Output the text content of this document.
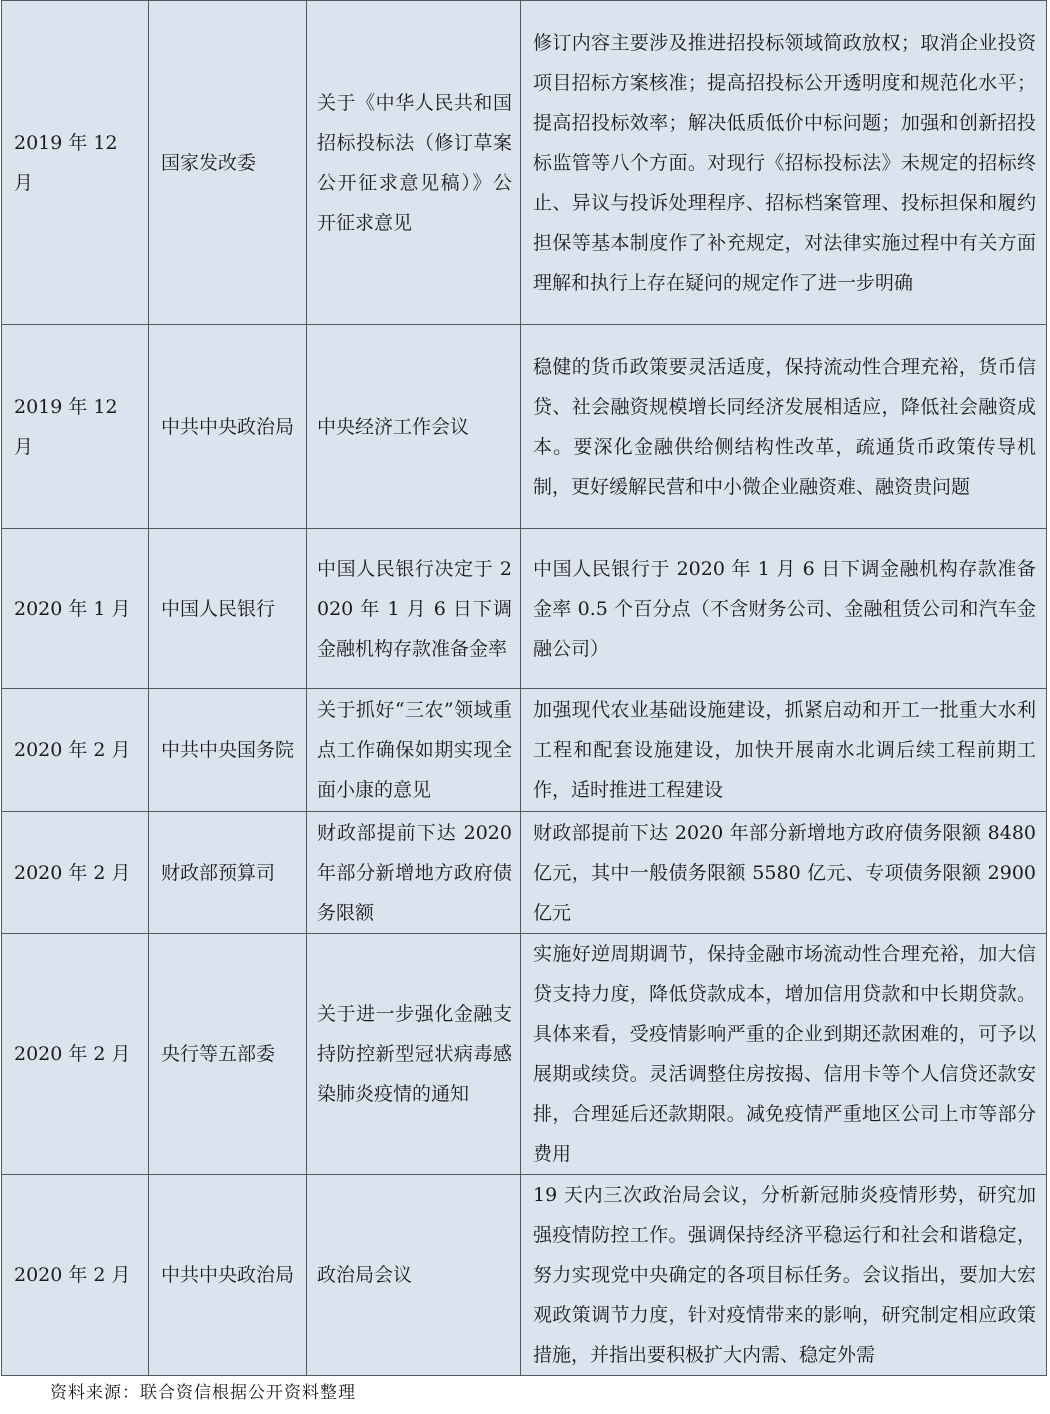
2019 年 12 月	国家发改委	关于《中华人民共和国招标投标法（修订草案公开征求意见稿）》公开征求意见	修订内容主要涉及推进招投标领域简政放权；取消企业投资项目招标方案核准；提高招投标公开透明度和规范化水平；提高招投标效率；解决低质低价中标问题；加强和创新招投标监管等八个方面。对现行《招标投标法》未规定的招标终止、异议与投诉处理程序、招标档案管理、投标担保和履约担保等基本制度作了补充规定，对法律实施过程中有关方面理解和执行上存在疑问的规定作了进一步明确
2019 年 12 月	中共中央政治局	中央经济工作会议	稳健的货币政策要灵活适度，保持流动性合理充裕，货币信贷、社会融资规模增长同经济发展相适应，降低社会融资成本。要深化金融供给侧结构性改革，疏通货币政策传导机制，更好缓解民营和中小微企业融资难、融资贵问题
2020 年 1 月	中国人民银行	中国人民银行决定于 2020 年 1 月 6 日下调金融机构存款准备金率	中国人民银行于 2020 年 1 月 6 日下调金融机构存款准备金率 0.5 个百分点（不含财务公司、金融租赁公司和汽车金融公司）
2020 年 2 月	中共中央国务院	关于抓好“三农”领域重点工作确保如期实现全面小康的意见	加强现代农业基础设施建设，抓紧启动和开工一批重大水利工程和配套设施建设，加快开展南水北调后续工程前期工作，适时推进工程建设
2020 年 2 月	财政部预算司	财政部提前下达 2020 年部分新增地方政府债务限额	财政部提前下达 2020 年部分新增地方政府债务限额 8480 亿元，其中一般债务限额 5580 亿元、专项债务限额 2900 亿元
2020 年 2 月	央行等五部委	关于进一步强化金融支持防控新型冠状病毒感染肺炎疫情的通知	实施好逆周期调节，保持金融市场流动性合理充裕，加大信贷支持力度，降低贷款成本，增加信用贷款和中长期贷款。具体来看，受疫情影响严重的企业到期还款困难的，可予以展期或续贷。灵活调整住房按揭、信用卡等个人信贷还款安排，合理延后还款期限。减免疫情严重地区公司上市等部分费用
2020 年 2 月	中共中央政治局	政治局会议	19 天内三次政治局会议，分析新冠肺炎疫情形势，研究加强疫情防控工作。强调保持经济平稳运行和社会和谐稳定，努力实现党中央确定的各项目标任务。会议指出，要加大宏观政策调节力度，针对疫情带来的影响，研究制定相应政策措施，并指出要积极扩大内需、稳定外需
资料来源：联合资信根据公开资料整理
